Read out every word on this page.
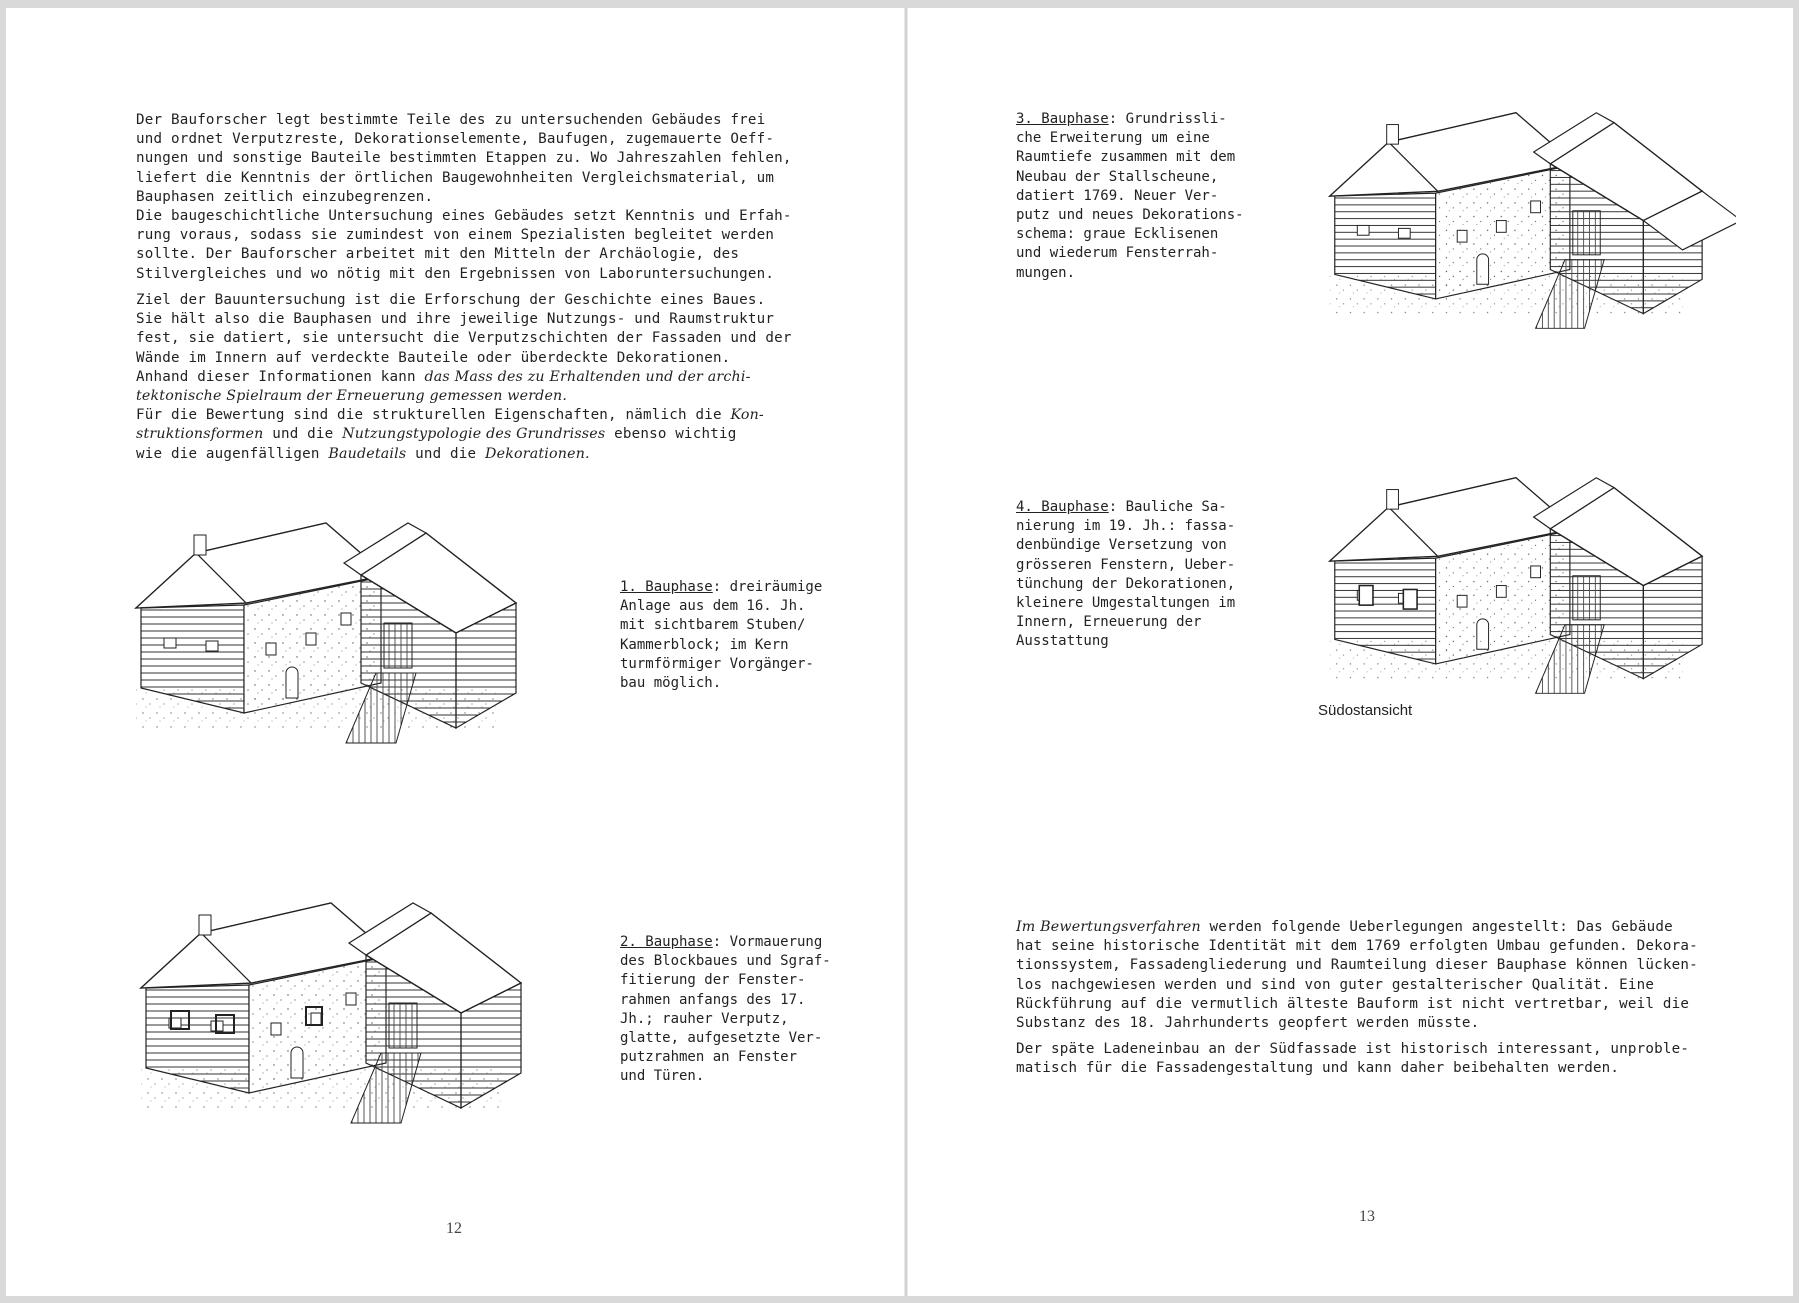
Der Bauforscher legt bestimmte Teile des zu untersuchenden Gebäudes frei
und ordnet Verputzreste, Dekorationselemente, Baufugen, zugemauerte Oeff-
nungen und sonstige Bauteile bestimmten Etappen zu. Wo Jahreszahlen fehlen,
liefert die Kenntnis der örtlichen Baugewohnheiten Vergleichsmaterial, um
Bauphasen zeitlich einzubegrenzen.
Die baugeschichtliche Untersuchung eines Gebäudes setzt Kenntnis und Erfah-
rung voraus, sodass sie zumindest von einem Spezialisten begleitet werden
sollte. Der Bauforscher arbeitet mit den Mitteln der Archäologie, des
Stilvergleiches und wo nötig mit den Ergebnissen von Laboruntersuchungen.

Ziel der Bauuntersuchung ist die Erforschung der Geschichte eines Baues.
Sie hält also die Bauphasen und ihre jeweilige Nutzungs- und Raumstruktur
fest, sie datiert, sie untersucht die Verputzschichten der Fassaden und der
Wände im Innern auf verdeckte Bauteile oder überdeckte Dekorationen.
Anhand dieser Informationen kann das Mass des zu Erhaltenden und der archi-
tektonische Spielraum der Erneuerung gemessen werden.
Für die Bewertung sind die strukturellen Eigenschaften, nämlich die Kon-
struktionsformen und die Nutzungstypologie des Grundrisses ebenso wichtig
wie die augenfälligen Baudetails und die Dekorationen.

1. Bauphase: dreiräumige
Anlage aus dem 16. Jh.
mit sichtbarem Stuben/
Kammerblock; im Kern
turmförmiger Vorgänger-
bau möglich.

2. Bauphase: Vormauerung
des Blockbaues und Sgraf-
fitierung der Fenster-
rahmen anfangs des 17.
Jh.; rauher Verputz,
glatte, aufgesetzte Ver-
putzrahmen an Fenster
und Türen.

12

3. Bauphase: Grundrissli-
che Erweiterung um eine
Raumtiefe zusammen mit dem
Neubau der Stallscheune,
datiert 1769. Neuer Ver-
putz und neues Dekorations-
schema: graue Ecklisenen
und wiederum Fensterrah-
mungen.

4. Bauphase: Bauliche Sa-
nierung im 19. Jh.: fassa-
denbündige Versetzung von
grösseren Fenstern, Ueber-
tünchung der Dekorationen,
kleinere Umgestaltungen im
Innern, Erneuerung der
Ausstattung

Südostansicht

Im Bewertungsverfahren werden folgende Ueberlegungen angestellt: Das Gebäude
hat seine historische Identität mit dem 1769 erfolgten Umbau gefunden. Dekora-
tionssystem, Fassadengliederung und Raumteilung dieser Bauphase können lücken-
los nachgewiesen werden und sind von guter gestalterischer Qualität. Eine
Rückführung auf die vermutlich älteste Bauform ist nicht vertretbar, weil die
Substanz des 18. Jahrhunderts geopfert werden müsste.

Der späte Ladeneinbau an der Südfassade ist historisch interessant, unproble-
matisch für die Fassadengestaltung und kann daher beibehalten werden.

13
